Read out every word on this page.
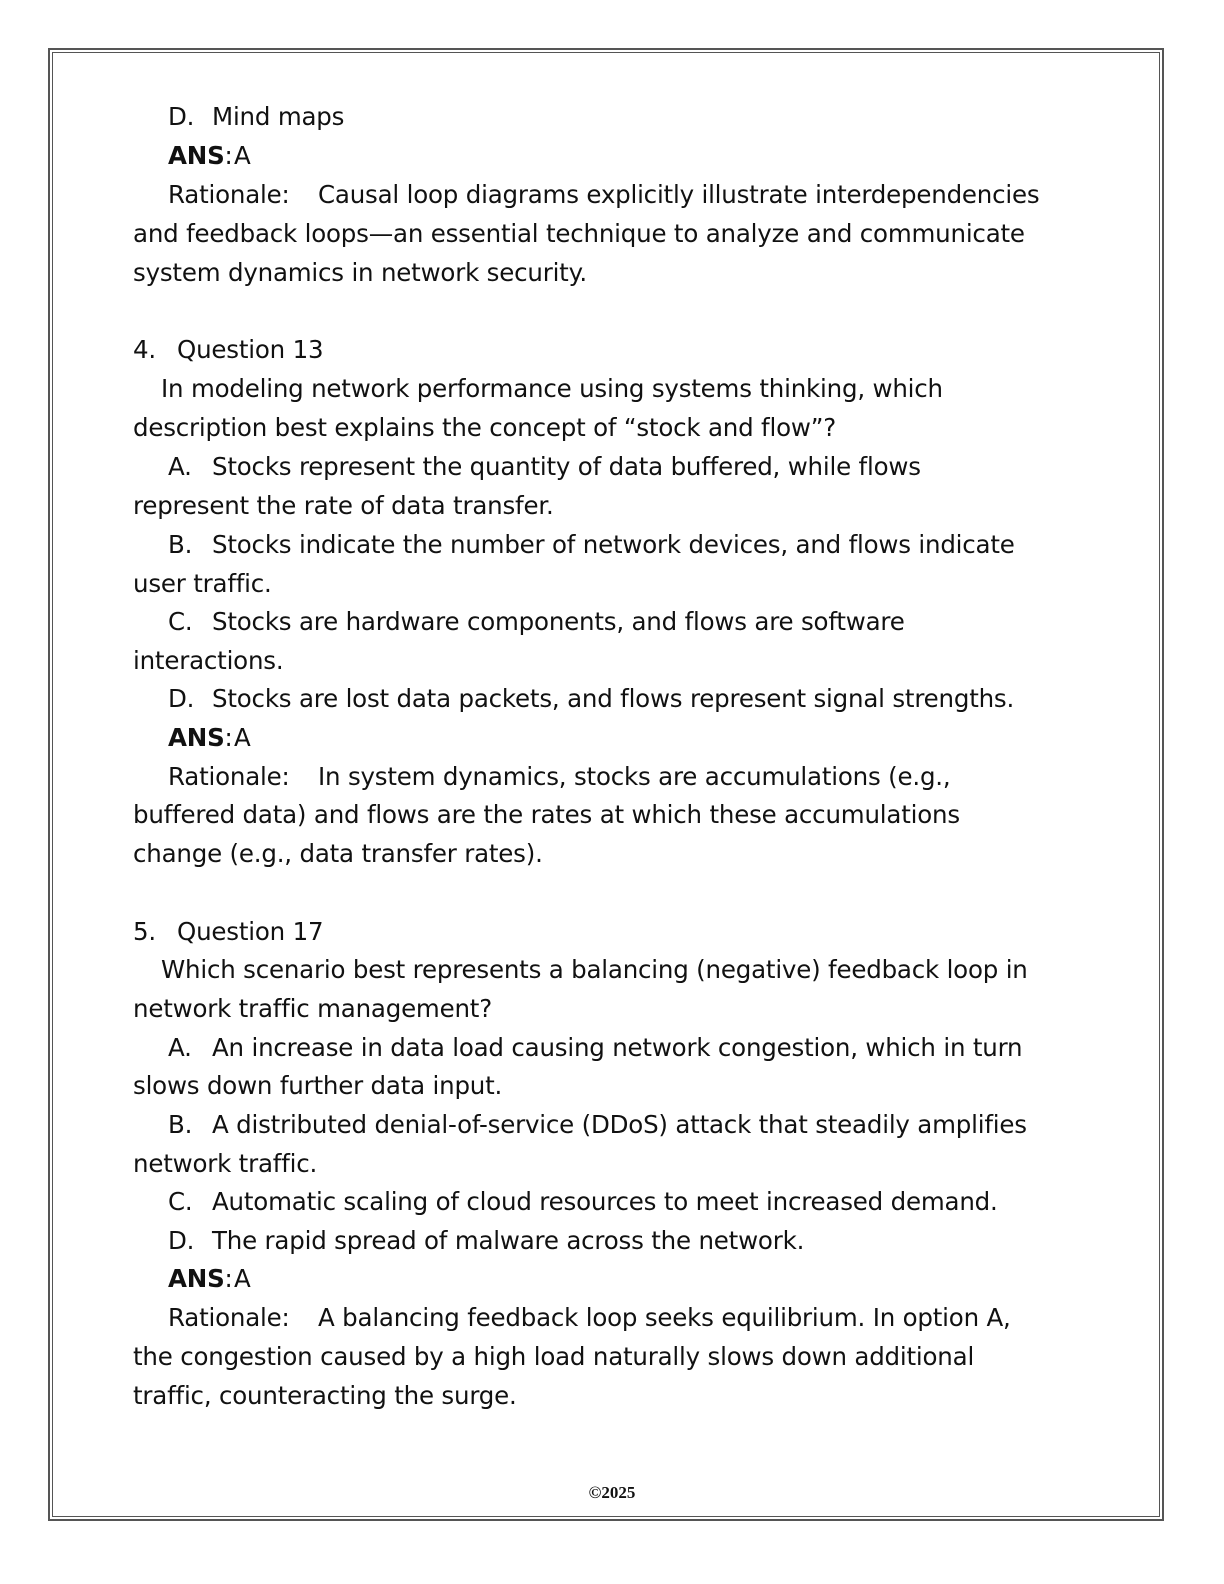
D. Mind maps
ANS : A
Rationale: Causal loop diagrams explicitly illustrate interdependencies
and feedback loops—an essential technique to analyze and communicate
system dynamics in network security.
4. Question 13
In modeling network performance using systems thinking, which
description best explains the concept of “stock and flow”?
A. Stocks represent the quantity of data buffered, while flows
represent the rate of data transfer.
B. Stocks indicate the number of network devices, and flows indicate
user traffic.
C. Stocks are hardware components, and flows are software
interactions.
D. Stocks are lost data packets, and flows represent signal strengths.
ANS : A
Rationale: In system dynamics, stocks are accumulations (e.g.,
buffered data) and flows are the rates at which these accumulations
change (e.g., data transfer rates).
5. Question 17
Which scenario best represents a balancing (negative) feedback loop in
network traffic management?
A. An increase in data load causing network congestion, which in turn
slows down further data input.
B. A distributed denial-of-service (DDoS) attack that steadily amplifies
network traffic.
C. Automatic scaling of cloud resources to meet increased demand.
D. The rapid spread of malware across the network.
ANS : A
Rationale: A balancing feedback loop seeks equilibrium. In option A,
the congestion caused by a high load naturally slows down additional
traffic, counteracting the surge.
©2025
